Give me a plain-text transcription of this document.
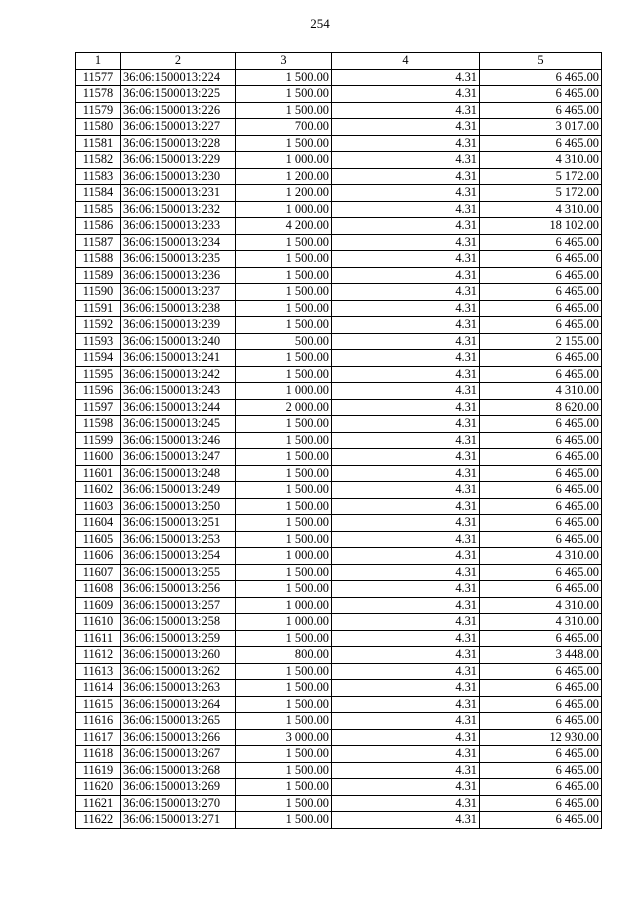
254
1	2	3	4	5
11577	36:06:1500013:224	1 500.00	4.31	6 465.00
11578	36:06:1500013:225	1 500.00	4.31	6 465.00
11579	36:06:1500013:226	1 500.00	4.31	6 465.00
11580	36:06:1500013:227	700.00	4.31	3 017.00
11581	36:06:1500013:228	1 500.00	4.31	6 465.00
11582	36:06:1500013:229	1 000.00	4.31	4 310.00
11583	36:06:1500013:230	1 200.00	4.31	5 172.00
11584	36:06:1500013:231	1 200.00	4.31	5 172.00
11585	36:06:1500013:232	1 000.00	4.31	4 310.00
11586	36:06:1500013:233	4 200.00	4.31	18 102.00
11587	36:06:1500013:234	1 500.00	4.31	6 465.00
11588	36:06:1500013:235	1 500.00	4.31	6 465.00
11589	36:06:1500013:236	1 500.00	4.31	6 465.00
11590	36:06:1500013:237	1 500.00	4.31	6 465.00
11591	36:06:1500013:238	1 500.00	4.31	6 465.00
11592	36:06:1500013:239	1 500.00	4.31	6 465.00
11593	36:06:1500013:240	500.00	4.31	2 155.00
11594	36:06:1500013:241	1 500.00	4.31	6 465.00
11595	36:06:1500013:242	1 500.00	4.31	6 465.00
11596	36:06:1500013:243	1 000.00	4.31	4 310.00
11597	36:06:1500013:244	2 000.00	4.31	8 620.00
11598	36:06:1500013:245	1 500.00	4.31	6 465.00
11599	36:06:1500013:246	1 500.00	4.31	6 465.00
11600	36:06:1500013:247	1 500.00	4.31	6 465.00
11601	36:06:1500013:248	1 500.00	4.31	6 465.00
11602	36:06:1500013:249	1 500.00	4.31	6 465.00
11603	36:06:1500013:250	1 500.00	4.31	6 465.00
11604	36:06:1500013:251	1 500.00	4.31	6 465.00
11605	36:06:1500013:253	1 500.00	4.31	6 465.00
11606	36:06:1500013:254	1 000.00	4.31	4 310.00
11607	36:06:1500013:255	1 500.00	4.31	6 465.00
11608	36:06:1500013:256	1 500.00	4.31	6 465.00
11609	36:06:1500013:257	1 000.00	4.31	4 310.00
11610	36:06:1500013:258	1 000.00	4.31	4 310.00
11611	36:06:1500013:259	1 500.00	4.31	6 465.00
11612	36:06:1500013:260	800.00	4.31	3 448.00
11613	36:06:1500013:262	1 500.00	4.31	6 465.00
11614	36:06:1500013:263	1 500.00	4.31	6 465.00
11615	36:06:1500013:264	1 500.00	4.31	6 465.00
11616	36:06:1500013:265	1 500.00	4.31	6 465.00
11617	36:06:1500013:266	3 000.00	4.31	12 930.00
11618	36:06:1500013:267	1 500.00	4.31	6 465.00
11619	36:06:1500013:268	1 500.00	4.31	6 465.00
11620	36:06:1500013:269	1 500.00	4.31	6 465.00
11621	36:06:1500013:270	1 500.00	4.31	6 465.00
11622	36:06:1500013:271	1 500.00	4.31	6 465.00
